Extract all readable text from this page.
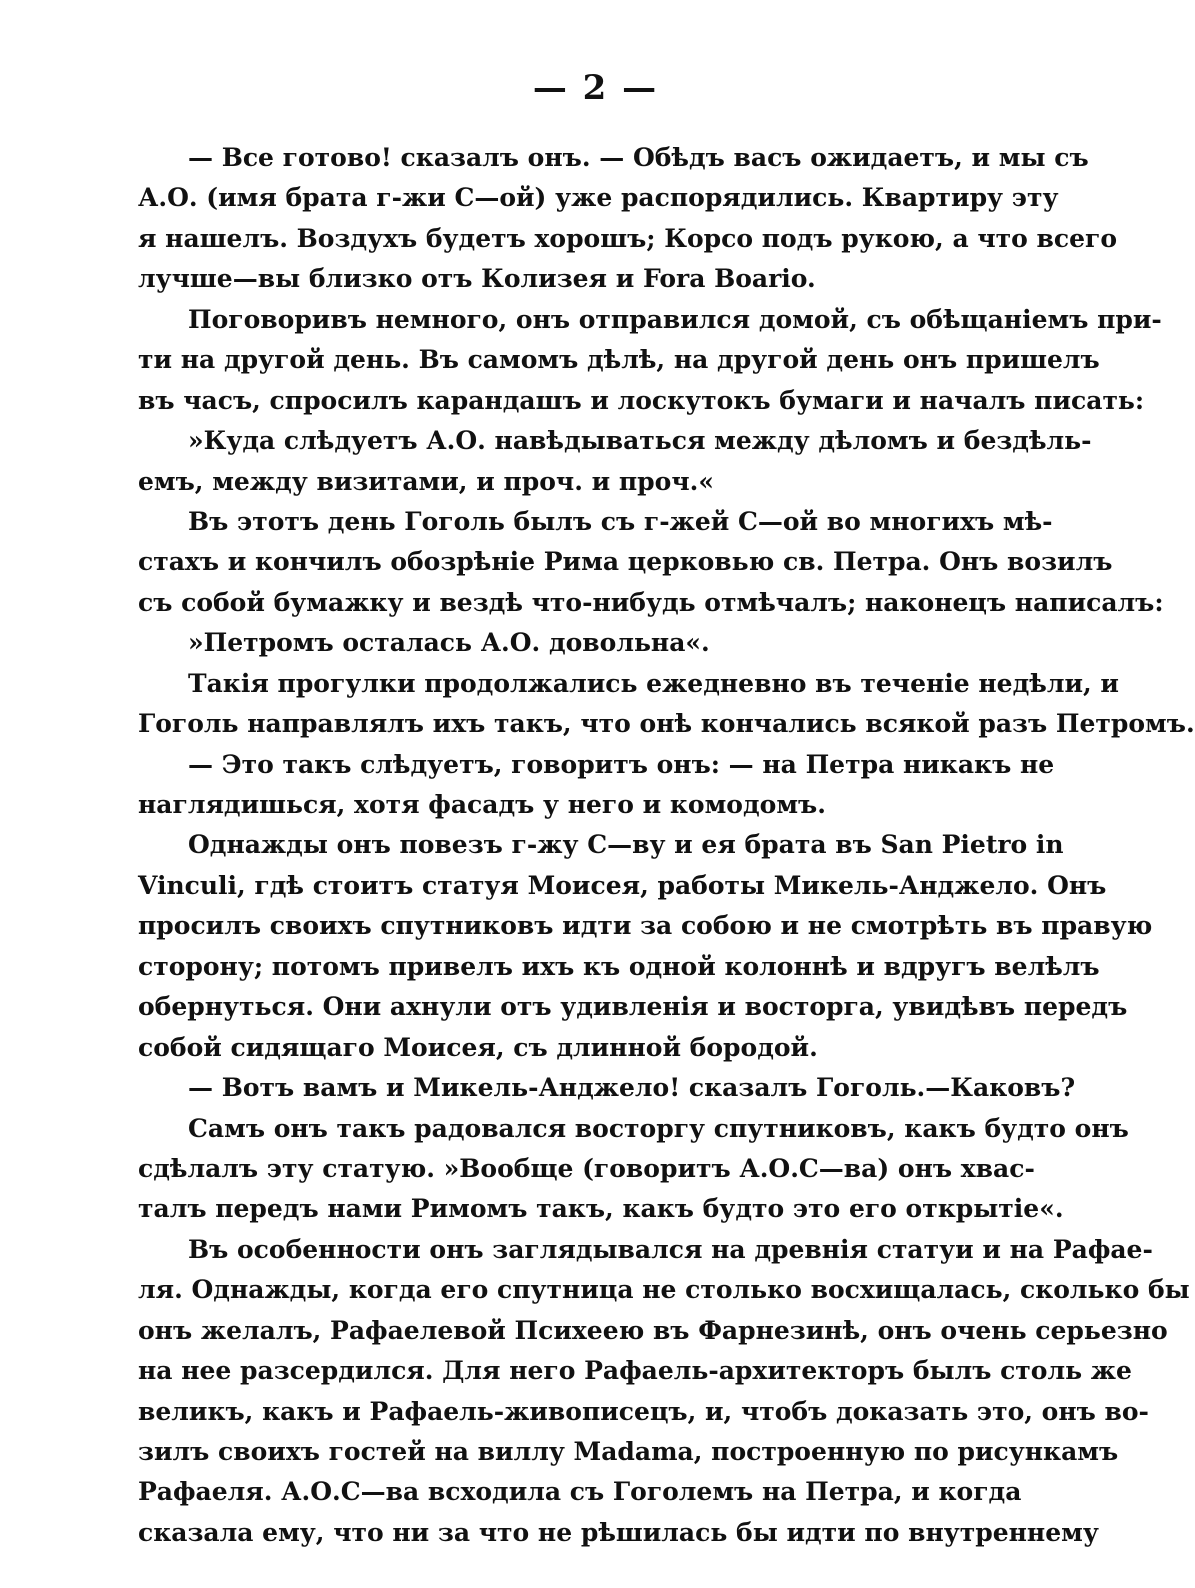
— 2 —
— Все готово! сказалъ онъ. — Обѣдъ васъ ожидаетъ, и мы съ
А.О. (имя брата г-жи С—ой) уже распорядились. Квартиру эту
я нашелъ. Воздухъ будетъ хорошъ; Корсо подъ рукою, а что всего
лучше—вы близко отъ Колизея и Fora Boario.
Поговоривъ немного, онъ отправился домой, съ обѣщаніемъ при-
ти на другой день. Въ самомъ дѣлѣ, на другой день онъ пришелъ
въ часъ, спросилъ карандашъ и лоскутокъ бумаги и началъ писать:
»Куда слѣдуетъ А.О. навѣдываться между дѣломъ и бездѣль-
емъ, между визитами, и проч. и проч.«
Въ этотъ день Гоголь былъ съ г-жей С—ой во многихъ мѣ-
стахъ и кончилъ обозрѣніе Рима церковью св. Петра. Онъ возилъ
съ собой бумажку и вездѣ что-нибудь отмѣчалъ; наконецъ написалъ:
»Петромъ осталась А.О. довольна«.
Такія прогулки продолжались ежедневно въ теченіе недѣли, и
Гоголь направлялъ ихъ такъ, что онѣ кончались всякой разъ Петромъ.
— Это такъ слѣдуетъ, говоритъ онъ: — на Петра никакъ не
наглядишься, хотя фасадъ у него и комодомъ.
Однажды онъ повезъ г-жу С—ву и ея брата въ San Pietro in
Vinculi, гдѣ стоитъ статуя Моисея, работы Микель-Анджело. Онъ
просилъ своихъ спутниковъ идти за собою и не смотрѣть въ правую
сторону; потомъ привелъ ихъ къ одной колоннѣ и вдругъ велѣлъ
обернуться. Они ахнули отъ удивленія и восторга, увидѣвъ передъ
собой сидящаго Моисея, съ длинной бородой.
— Вотъ вамъ и Микель-Анджело! сказалъ Гоголь.—Каковъ?
Самъ онъ такъ радовался восторгу спутниковъ, какъ будто онъ
сдѣлалъ эту статую. »Вообще (говоритъ А.О.С—ва) онъ хвас-
талъ передъ нами Римомъ такъ, какъ будто это его открытіе«.
Въ особенности онъ заглядывался на древнія статуи и на Рафае-
ля. Однажды, когда его спутница не столько восхищалась, сколько бы
онъ желалъ, Рафаелевой Психеею въ Фарнезинѣ, онъ очень серьезно
на нее разсердился. Для него Рафаель-архитекторъ былъ столь же
великъ, какъ и Рафаель-живописецъ, и, чтобъ доказать это, онъ во-
зилъ своихъ гостей на виллу Madama, построенную по рисункамъ
Рафаеля. А.О.С—ва всходила съ Гоголемъ на Петра, и когда
сказала ему, что ни за что не рѣшилась бы идти по внутреннему
